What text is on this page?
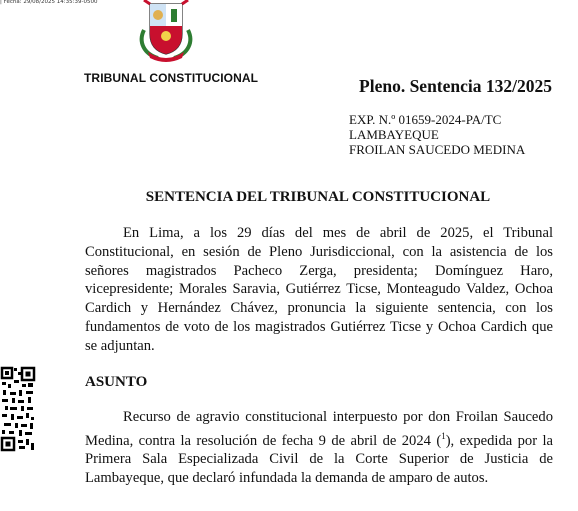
| Fecha: 29/08/2025 14:35:39-0500
TRIBUNAL CONSTITUCIONAL	Pleno. Sentencia 132/2025
EXP. N.º 01659-2024-PA/TC
LAMBAYEQUE
FROILAN SAUCEDO MEDINA
SENTENCIA DEL TRIBUNAL CONSTITUCIONAL
En Lima, a los 29 días del mes de abril de 2025, el Tribunal Constitucional, en sesión de Pleno Jurisdiccional, con la asistencia de los señores magistrados Pacheco Zerga, presidenta; Domínguez Haro, vicepresidente; Morales Saravia, Gutiérrez Ticse, Monteagudo Valdez, Ochoa Cardich y Hernández Chávez, pronuncia la siguiente sentencia, con los fundamentos de voto de los magistrados Gutiérrez Ticse y Ochoa Cardich que se adjuntan.
ASUNTO
Recurso de agravio constitucional interpuesto por don Froilan Saucedo Medina, contra la resolución de fecha 9 de abril de 2024 ($^1$), expedida por la Primera Sala Especializada Civil de la Corte Superior de Justicia de Lambayeque, que declaró infundada la demanda de amparo de autos.
